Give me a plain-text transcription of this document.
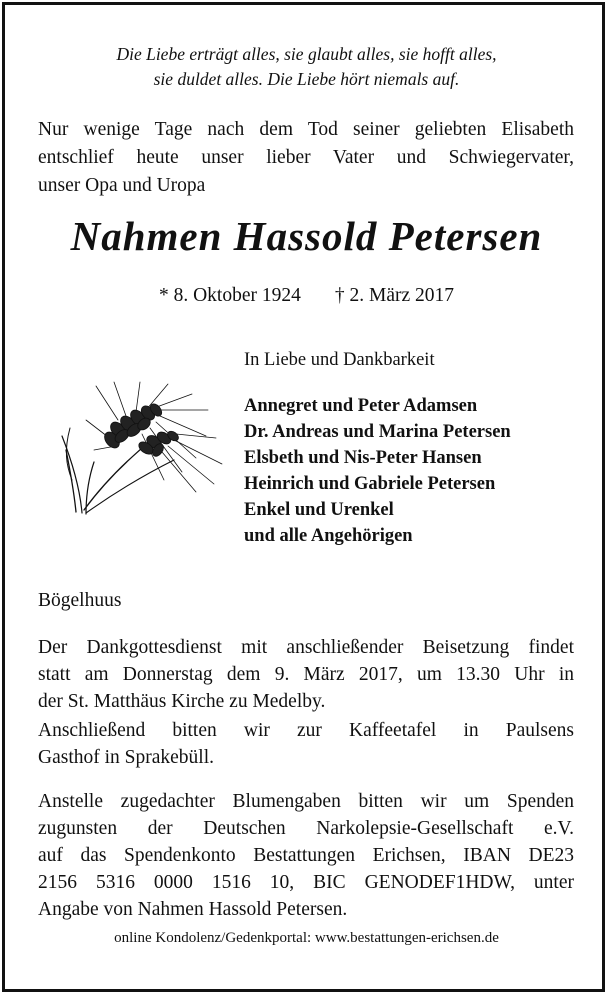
Die Liebe erträgt alles, sie glaubt alles, sie hofft alles,
sie duldet alles. Die Liebe hört niemals auf.
Nur wenige Tage nach dem Tod seiner geliebten Elisabeth
entschlief heute unser lieber Vater und Schwiegervater,
unser Opa und Uropa
Nahmen Hassold Petersen
* 8. Oktober 1924 † 2. März 2017
In Liebe und Dankbarkeit
Annegret und Peter Adamsen
Dr. Andreas und Marina Petersen
Elsbeth und Nis-Peter Hansen
Heinrich und Gabriele Petersen
Enkel und Urenkel
und alle Angehörigen
Bögelhuus
Der Dankgottesdienst mit anschließender Beisetzung findet
statt am Donnerstag dem 9. März 2017, um 13.30 Uhr in
der St. Matthäus Kirche zu Medelby.
Anschließend bitten wir zur Kaffeetafel in Paulsens
Gasthof in Sprakebüll.
Anstelle zugedachter Blumengaben bitten wir um Spenden
zugunsten der Deutschen Narkolepsie-Gesellschaft e.V.
auf das Spendenkonto Bestattungen Erichsen, IBAN DE23
2156 5316 0000 1516 10, BIC GENODEF1HDW, unter
Angabe von Nahmen Hassold Petersen.
online Kondolenz/Gedenkportal: www.bestattungen-erichsen.de
